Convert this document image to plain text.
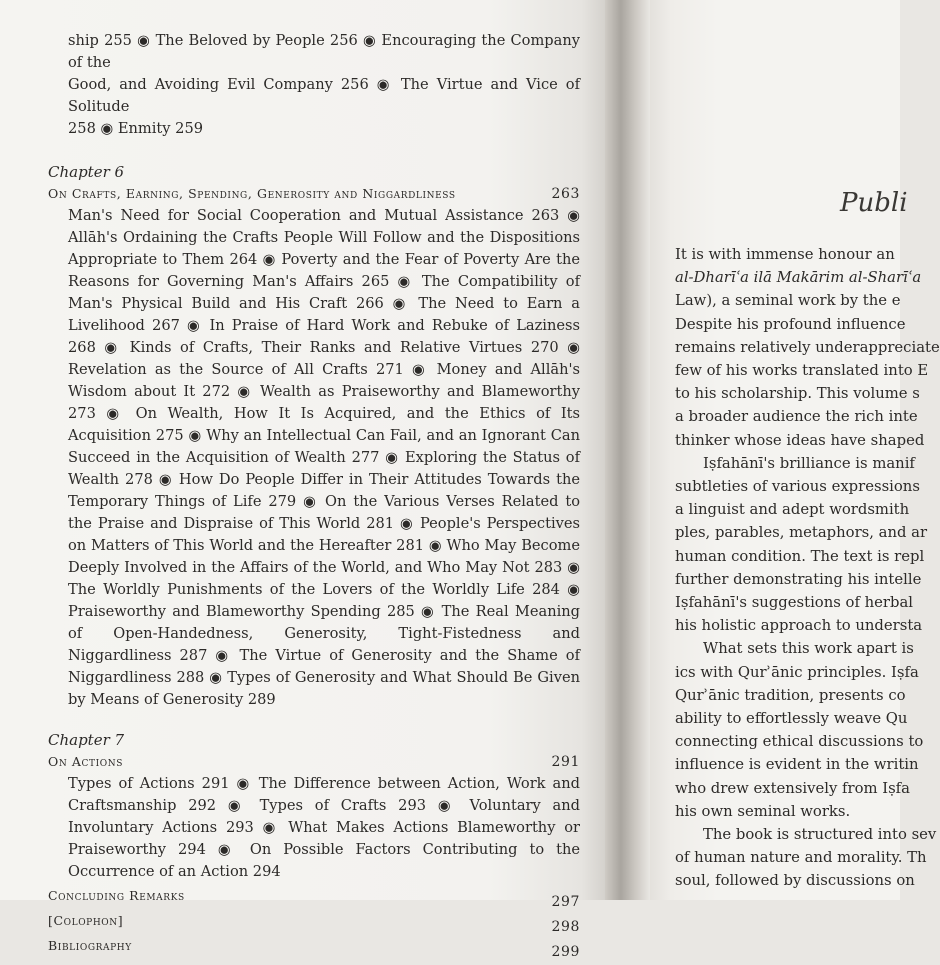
ship 255 ◉ The Beloved by People 256 ◉ Encouraging the Company of the
Good, and Avoiding Evil Company 256 ◉ The Virtue and Vice of Solitude
258 ◉ Enmity 259

Chapter 6

On Crafts, Earning, Spending, Generosity and Niggardliness	263

Man's Need for Social Cooperation and Mutual Assistance 263 ◉ Allāh's Ordaining the Crafts People Will Follow and the Dispositions Appropriate to Them 264 ◉ Poverty and the Fear of Poverty Are the Reasons for Governing Man's Affairs 265 ◉ The Compatibility of Man's Physical Build and His Craft 266 ◉ The Need to Earn a Livelihood 267 ◉ In Praise of Hard Work and Rebuke of Laziness 268 ◉ Kinds of Crafts, Their Ranks and Relative Virtues 270 ◉ Revelation as the Source of All Crafts 271 ◉ Money and Allāh's Wisdom about It 272 ◉ Wealth as Praiseworthy and Blameworthy 273 ◉ On Wealth, How It Is Acquired, and the Ethics of Its Acquisition 275 ◉ Why an Intellectual Can Fail, and an Ignorant Can Succeed in the Acquisition of Wealth 277 ◉ Exploring the Status of Wealth 278 ◉ How Do People Differ in Their Attitudes Towards the Temporary Things of Life 279 ◉ On the Various Verses Related to the Praise and Dispraise of This World 281 ◉ People's Perspectives on Matters of This World and the Hereafter 281 ◉ Who May Become Deeply Involved in the Affairs of the World, and Who May Not 283 ◉ The Worldly Punishments of the Lovers of the Worldly Life 284 ◉ Praiseworthy and Blameworthy Spending 285 ◉ The Real Meaning of Open-Handedness, Generosity, Tight-Fistedness and Niggardliness 287 ◉ The Virtue of Generosity and the Shame of Niggardliness 288 ◉ Types of Generosity and What Should Be Given by Means of Generosity 289

Chapter 7

On Actions	291

Types of Actions 291 ◉ The Difference between Action, Work and Craftsmanship 292 ◉ Types of Crafts 293 ◉ Voluntary and Involuntary Actions 293 ◉ What Makes Actions Blameworthy or Praiseworthy 294 ◉ On Possible Factors Contributing to the Occurrence of an Action 294

Concluding Remarks	297
[Colophon]	298
Bibliography	299
Publi
It is with immense honour an
al-Dharīʿa ilā Makārim al-Sharīʿa
Law), a seminal work by the e
Despite his profound influence
remains relatively underappreciate
few of his works translated into E
to his scholarship. This volume s
a broader audience the rich inte
thinker whose ideas have shaped
Iṣfahānī's brilliance is manif
subtleties of various expressions
a linguist and adept wordsmith
ples, parables, metaphors, and ar
human condition. The text is repl
further demonstrating his intelle
Iṣfahānī's suggestions of herbal
his holistic approach to understa
What sets this work apart is
ics with Qurʾānic principles. Iṣfa
Qurʾānic tradition, presents co
ability to effortlessly weave Qu
connecting ethical discussions to
influence is evident in the writin
who drew extensively from Iṣfa
his own seminal works.
The book is structured into sev
of human nature and morality. Th
soul, followed by discussions on
